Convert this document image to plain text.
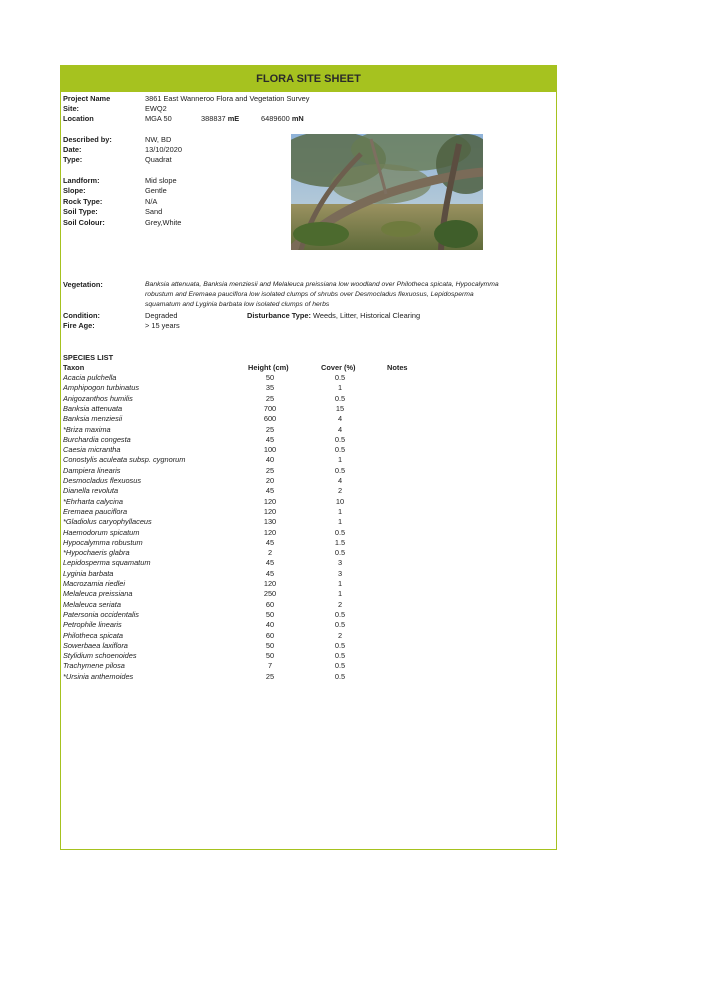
FLORA SITE SHEET
Project Name	3861 East Wanneroo Flora and Vegetation Survey
Site:	EWQ2
Location	MGA 50	388837 mE	6489600 mN
Described by:	NW, BD
Date:	13/10/2020
Type:	Quadrat
Landform:	Mid slope
Slope:	Gentle
Rock Type:	N/A
Soil Type:	Sand
Soil Colour:	Grey,White
Vegetation:	Banksia attenuata, Banksia menziesii and Melaleuca preissiana low woodland over Philotheca spicata, Hypocalymma
robustum and Eremaea pauciflora low isolated clumps of shrubs over Desmocladus flexuosus, Lepidosperma
squamatum and Lyginia barbata low isolated clumps of herbs
Condition:	Degraded	Disturbance Type: Weeds, Litter, Historical Clearing
Fire Age:	> 15 years
SPECIES LIST
Taxon	Height (cm)	Cover (%)	Notes
Acacia pulchella	50	0.5
Amphipogon turbinatus	35	1
Anigozanthos humilis	25	0.5
Banksia attenuata	700	15
Banksia menziesii	600	4
*Briza maxima	25	4
Burchardia congesta	45	0.5
Caesia micrantha	100	0.5
Conostylis aculeata subsp. cygnorum	40	1
Dampiera linearis	25	0.5
Desmocladus flexuosus	20	4
Dianella revoluta	45	2
*Ehrharta calycina	120	10
Eremaea pauciflora	120	1
*Gladiolus caryophyllaceus	130	1
Haemodorum spicatum	120	0.5
Hypocalymma robustum	45	1.5
*Hypochaeris glabra	2	0.5
Lepidosperma squamatum	45	3
Lyginia barbata	45	3
Macrozamia riedlei	120	1
Melaleuca preissiana	250	1
Melaleuca seriata	60	2
Patersonia occidentalis	50	0.5
Petrophile linearis	40	0.5
Philotheca spicata	60	2
Sowerbaea laxiflora	50	0.5
Stylidium schoenoides	50	0.5
Trachymene pilosa	7	0.5
*Ursinia anthemoides	25	0.5
